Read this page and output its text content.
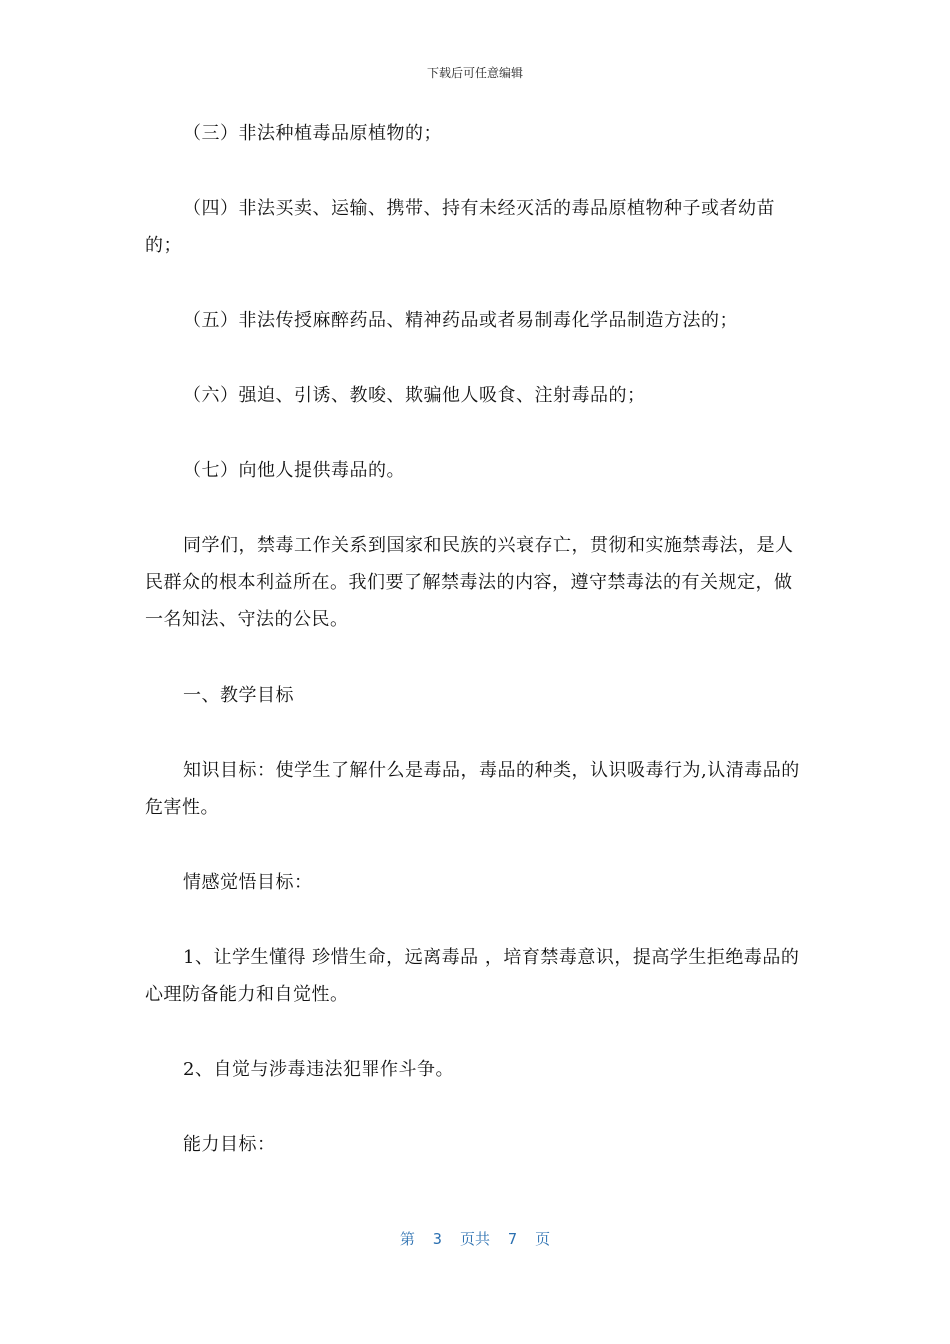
下载后可任意编辑

（三）非法种植毒品原植物的；

（四）非法买卖、运输、携带、持有未经灭活的毒品原植物种子或者幼苗的；

（五）非法传授麻醉药品、精神药品或者易制毒化学品制造方法的；

（六）强迫、引诱、教唆、欺骗他人吸食、注射毒品的；

（七）向他人提供毒品的。

同学们，禁毒工作关系到国家和民族的兴衰存亡，贯彻和实施禁毒法，是人民群众的根本利益所在。我们要了解禁毒法的内容，遵守禁毒法的有关规定，做一名知法、守法的公民。

一、教学目标

知识目标：使学生了解什么是毒品，毒品的种类，认识吸毒行为,认清毒品的危害性。

情感觉悟目标：

1、让学生懂得 珍惜生命，远离毒品 ，培育禁毒意识，提高学生拒绝毒品的心理防备能力和自觉性。

2、自觉与涉毒违法犯罪作斗争。

能力目标：

第  3  页共  7  页
